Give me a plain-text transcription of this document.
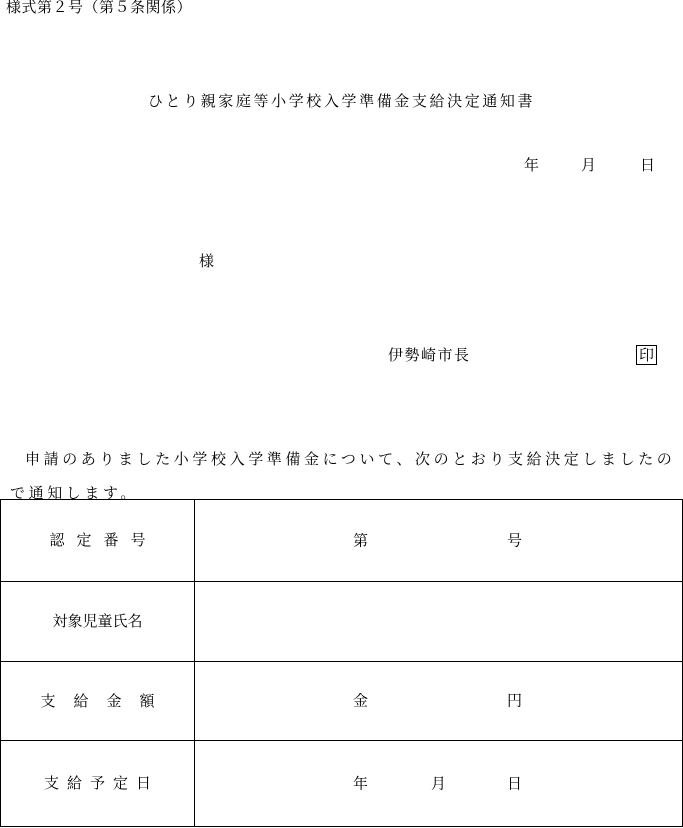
様式第２号（第５条関係）
ひとり親家庭等小学校入学準備金支給決定通知書
年	月	日
様
伊勢崎市長	印
申請のありました小学校入学準備金について、次のとおり支給決定しましたので通知します。
認定番号	第 号

対象児童氏名	
支給金額	金 円

支給予定日	年 月 日
